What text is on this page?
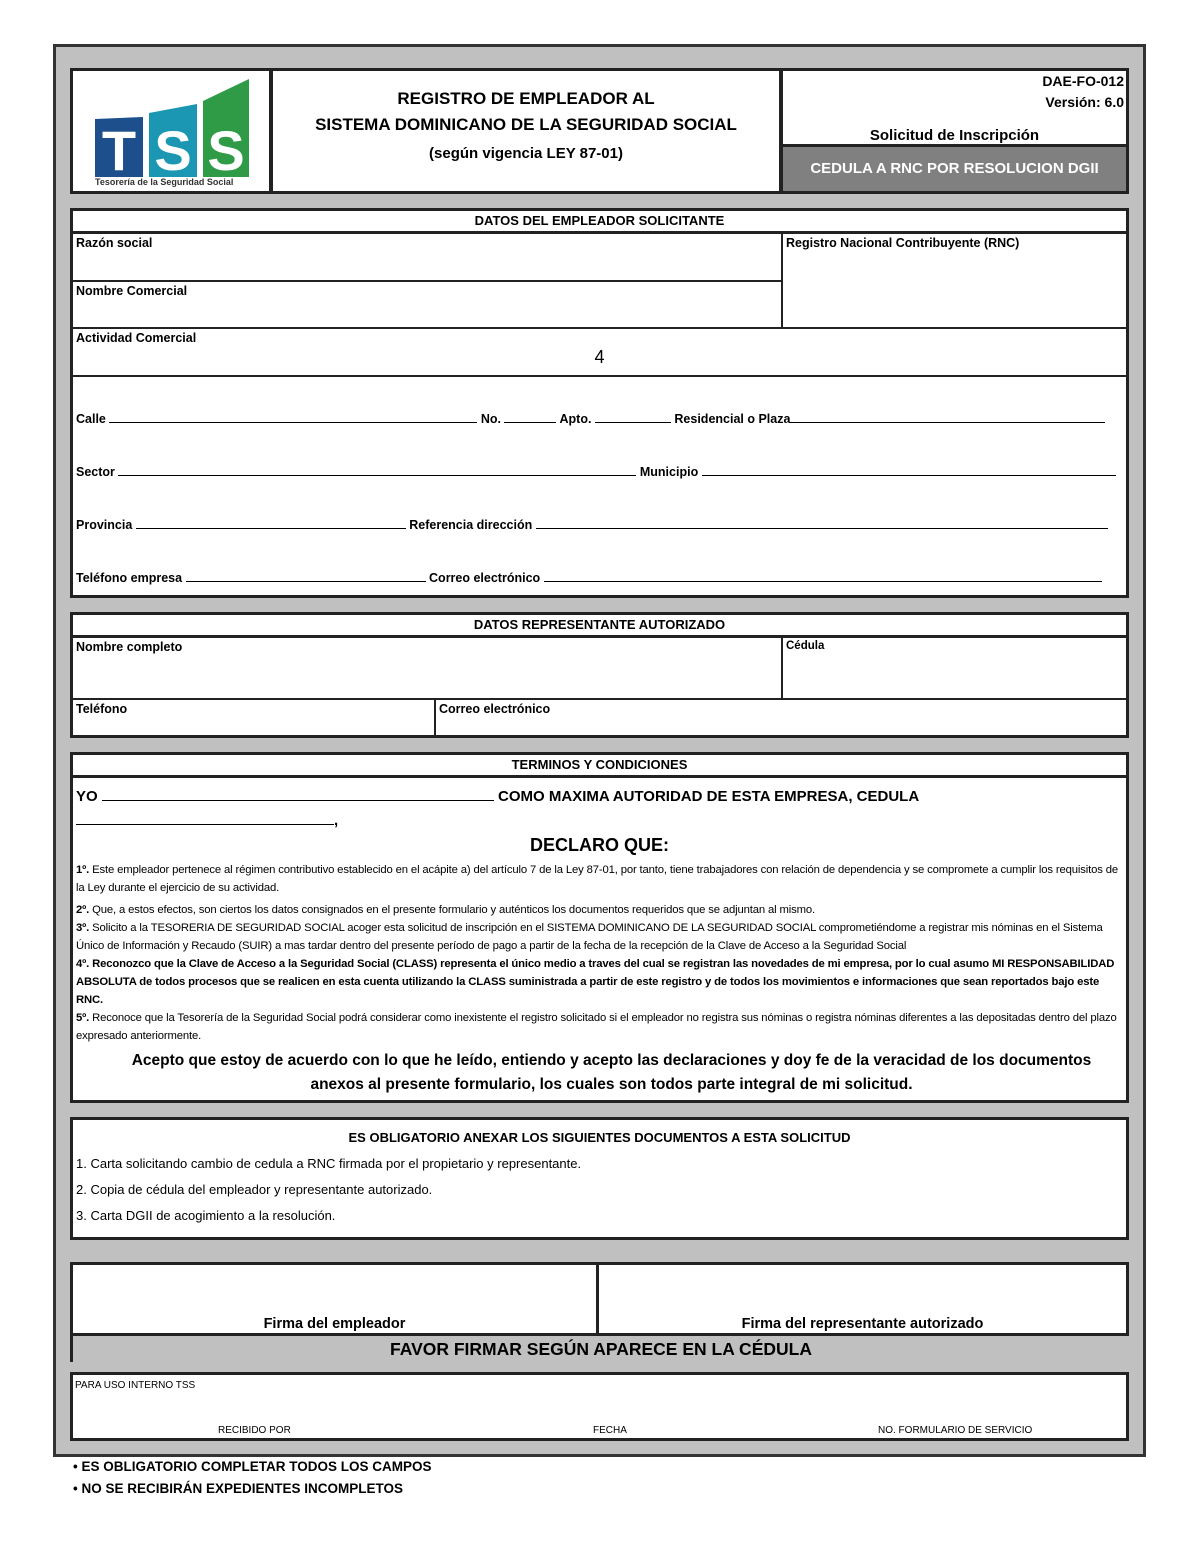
T S S
Tesorería de la Seguridad Social
REGISTRO DE EMPLEADOR AL
SISTEMA DOMINICANO DE LA SEGURIDAD SOCIAL
(según vigencia LEY 87-01)
DAE-FO-012
Versión: 6.0
Solicitud de Inscripción
CEDULA A RNC POR RESOLUCION DGII
DATOS DEL EMPLEADOR SOLICITANTE
Razón social
Nombre Comercial
Registro Nacional Contribuyente (RNC)
Actividad Comercial
4
Calle	No.	Apto.	Residencial o Plaza
Sector	Municipio
Provincia	Referencia dirección
Teléfono empresa	Correo electrónico
DATOS REPRESENTANTE AUTORIZADO
Nombre completo	Cédula
Teléfono	Correo electrónico
TERMINOS Y CONDICIONES
YO	COMO MAXIMA AUTORIDAD DE ESTA EMPRESA, CEDULA
,
DECLARO QUE:

1º. Este empleador pertenece al régimen contributivo establecido en el acápite a) del artículo 7 de la Ley 87-01, por tanto, tiene trabajadores con relación de dependencia y se compromete a cumplir los requisitos de la Ley durante el ejercicio de su actividad.

2º. Que, a estos efectos, son ciertos los datos consignados en el presente formulario y auténticos los documentos requeridos que se adjuntan al mismo.

3º. Solicito a la TESORERIA DE SEGURIDAD SOCIAL acoger esta solicitud de inscripción en el SISTEMA DOMINICANO DE LA SEGURIDAD SOCIAL comprometiéndome a registrar mis nóminas en el Sistema Único de Información y Recaudo (SUIR) a mas tardar dentro del presente período de pago a partir de la fecha de la recepción de la Clave de Acceso a la Seguridad Social

4º. Reconozco que la Clave de Acceso a la Seguridad Social (CLASS) representa el único medio a traves del cual se registran las novedades de mi empresa, por lo cual asumo MI RESPONSABILIDAD ABSOLUTA de todos procesos que se realicen en esta cuenta utilizando la CLASS suministrada a partir de este registro y de todos los movimientos e informaciones que sean reportados bajo este RNC.

5º. Reconoce que la Tesorería de la Seguridad Social podrá considerar como inexistente el registro solicitado si el empleador no registra sus nóminas o registra nóminas diferentes a las depositadas dentro del plazo expresado anteriormente.

Acepto que estoy de acuerdo con lo que he leído, entiendo y acepto las declaraciones y doy fe de la veracidad de los documentos anexos al presente formulario, los cuales son todos parte integral de mi solicitud.
ES OBLIGATORIO ANEXAR LOS SIGUIENTES DOCUMENTOS A ESTA SOLICITUD
1. Carta solicitando cambio de cedula a RNC firmada por el propietario y representante.
2. Copia de cédula del empleador y representante autorizado.
3. Carta DGII de acogimiento a la resolución.
Firma del empleador	Firma del representante autorizado
FAVOR FIRMAR SEGÚN APARECE EN LA CÉDULA
PARA USO INTERNO TSS
RECIBIDO POR	FECHA	NO. FORMULARIO DE SERVICIO
• ES OBLIGATORIO COMPLETAR TODOS LOS CAMPOS
• NO SE RECIBIRÁN EXPEDIENTES INCOMPLETOS
